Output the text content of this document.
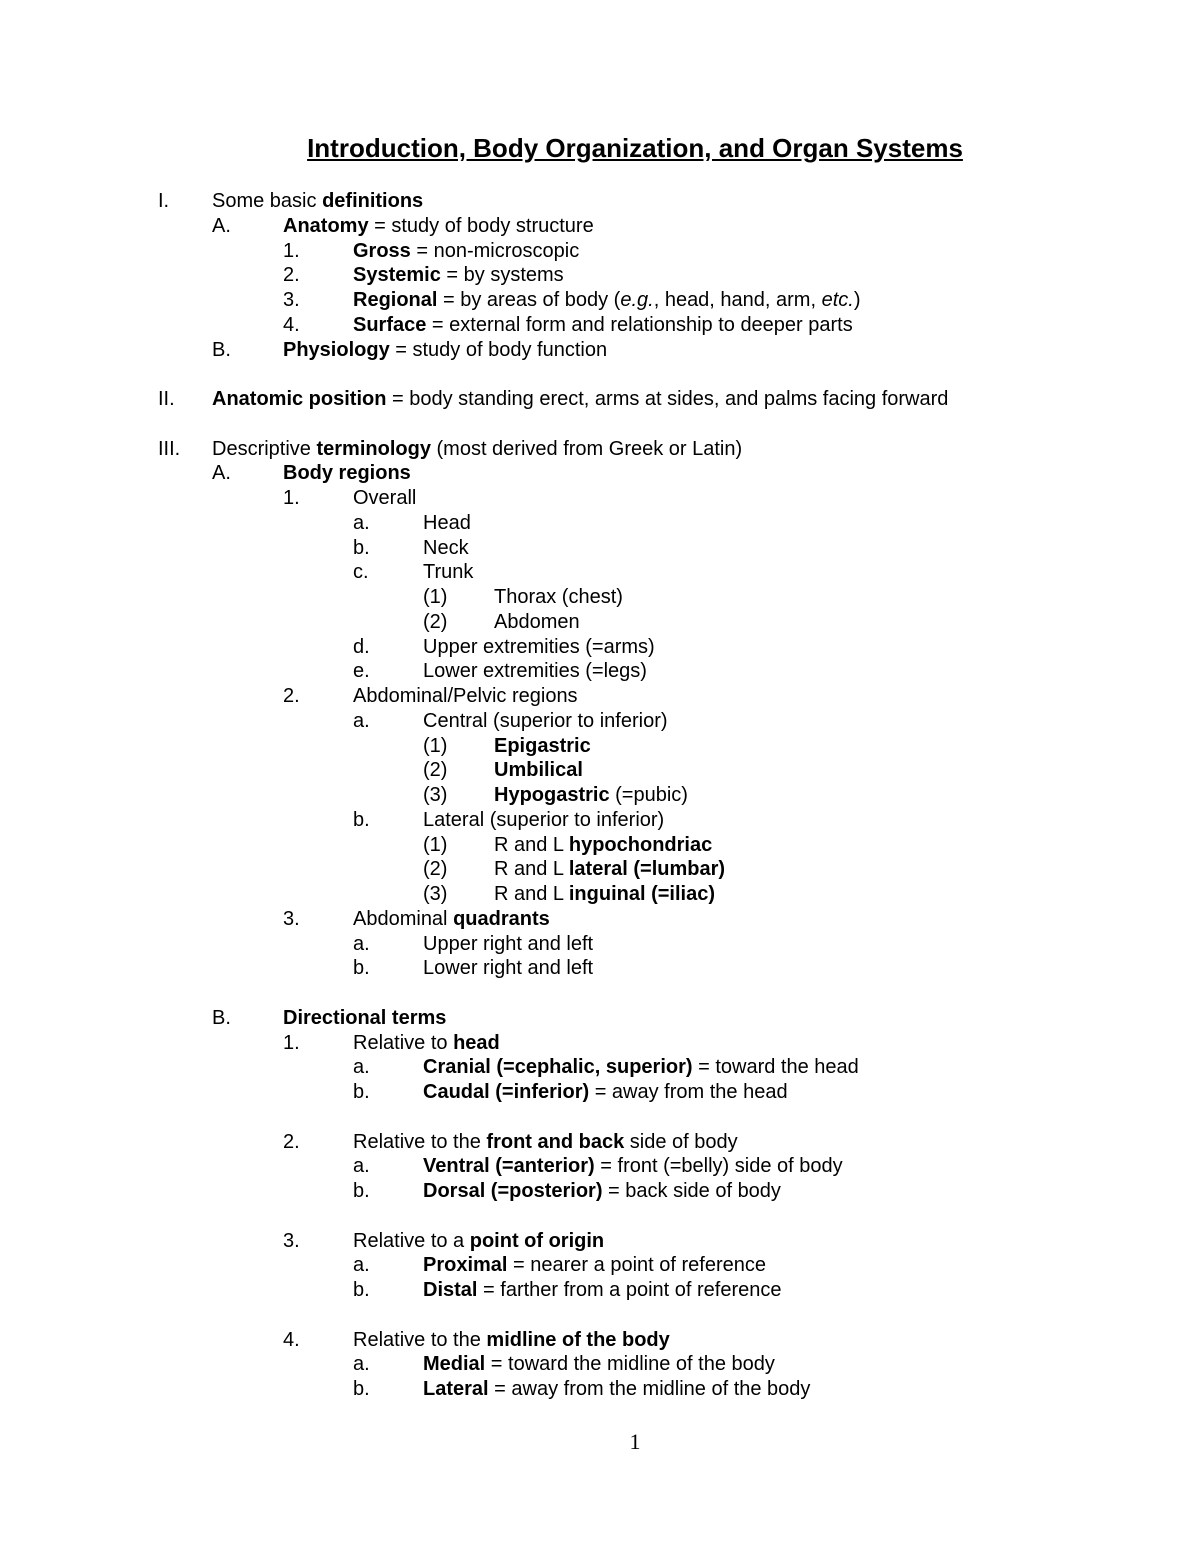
Introduction, Body Organization, and Organ Systems
I. Some basic definitions
A.	Anatomy = study of body structure
1.	Gross = non-microscopic
2.	Systemic = by systems
3.	Regional = by areas of body (e.g., head, hand, arm, etc.)
4.	Surface = external form and relationship to deeper parts
B.	Physiology = study of body function
II. Anatomic position = body standing erect, arms at sides, and palms facing forward
III. Descriptive terminology (most derived from Greek or Latin)
A.	Body regions
1.	Overall
a.	Head
b.	Neck
c.	Trunk
(1) Thorax (chest)
(2) Abdomen
d.	Upper extremities (=arms)
e.	Lower extremities (=legs)
2.	Abdominal/Pelvic regions
a.	Central (superior to inferior)
(1) Epigastric
(2) Umbilical
(3) Hypogastric (=pubic)
b.	Lateral (superior to inferior)
(1) R and L hypochondriac
(2) R and L lateral (=lumbar)
(3) R and L inguinal (=iliac)
3.	Abdominal quadrants
a.	Upper right and left
b.	Lower right and left
B.	Directional terms
1.	Relative to head
a.	Cranial (=cephalic, superior) = toward the head
b.	Caudal (=inferior) = away from the head
2.	Relative to the front and back side of body
a.	Ventral (=anterior) = front (=belly) side of body
b.	Dorsal (=posterior) = back side of body
3.	Relative to a point of origin
a.	Proximal = nearer a point of reference
b.	Distal = farther from a point of reference
4.	Relative to the midline of the body
a.	Medial = toward the midline of the body
b.	Lateral = away from the midline of the body
1
